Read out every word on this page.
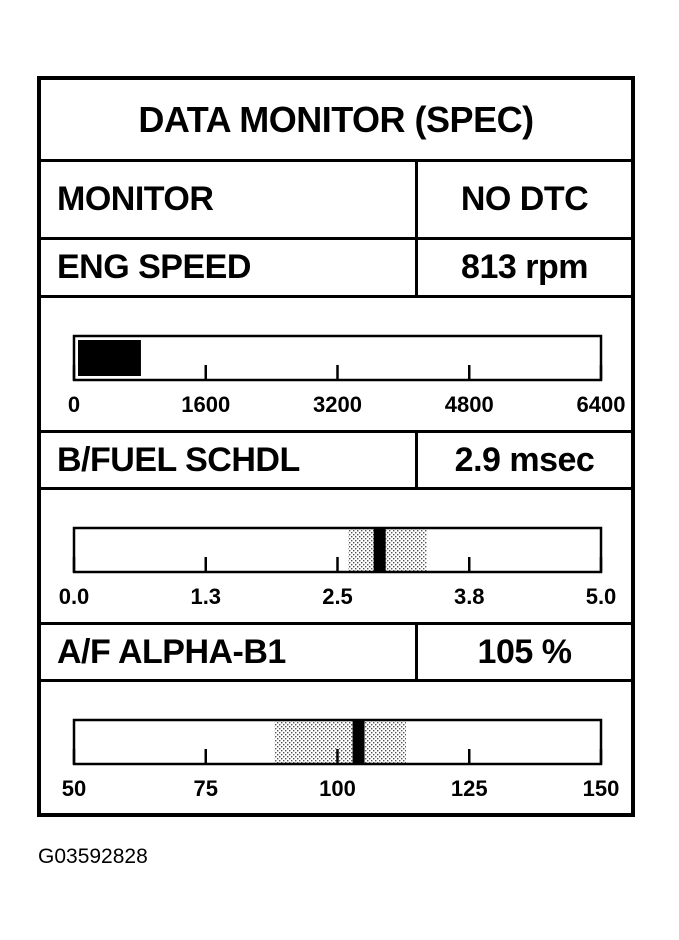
DATA MONITOR (SPEC)
MONITOR	NO DTC
ENG SPEED	813 rpm
0	1600	3200	4800	6400
B/FUEL SCHDL	2.9 msec
0.0	1.3	2.5	3.8	5.0
A/F ALPHA-B1	105 %
50	75	100	125	150
G03592828
